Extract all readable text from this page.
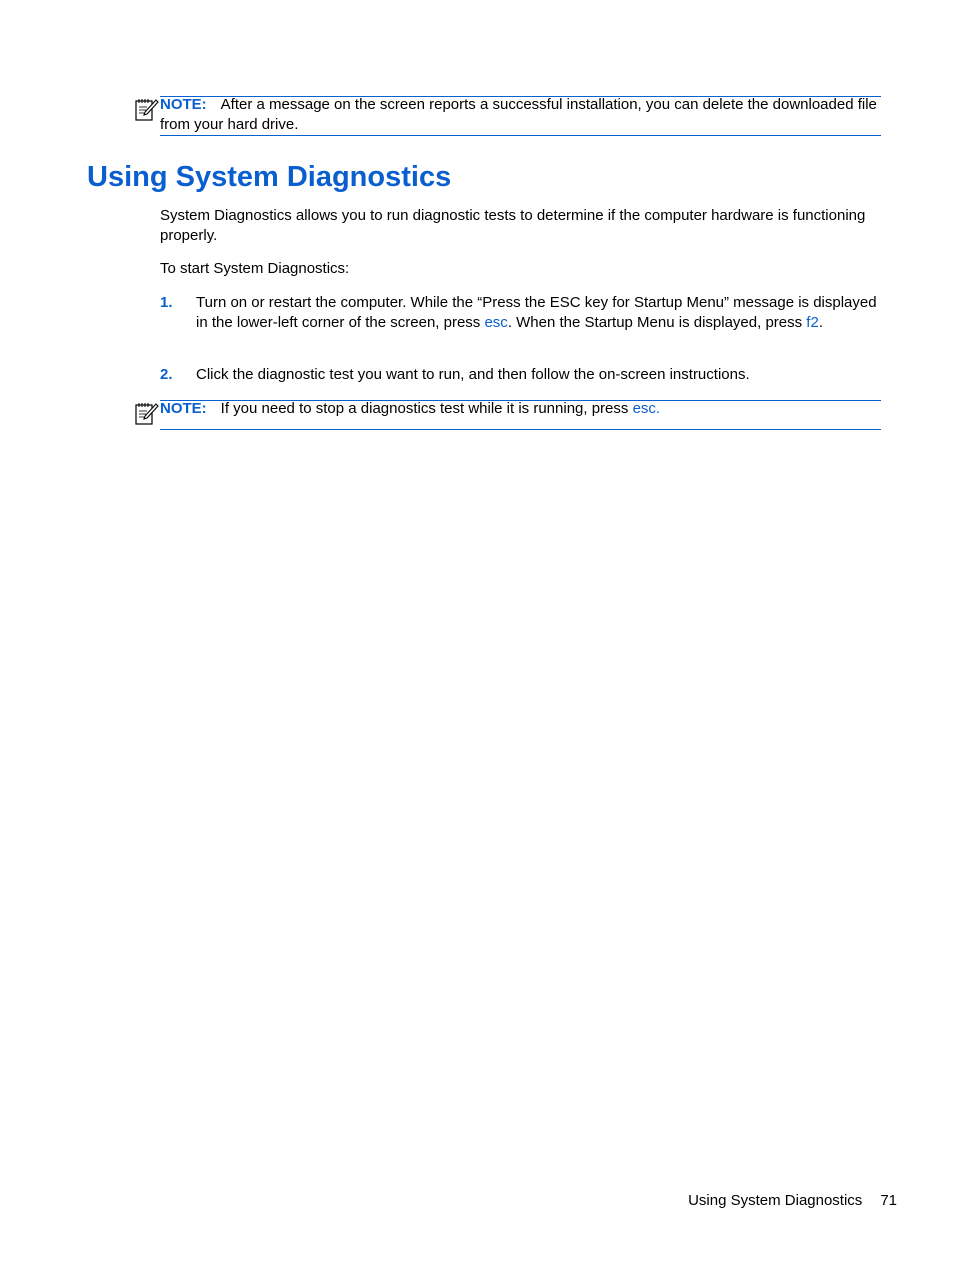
NOTE: After a message on the screen reports a successful installation, you can delete the downloaded file from your hard drive.
Using System Diagnostics

System Diagnostics allows you to run diagnostic tests to determine if the computer hardware is functioning properly.

To start System Diagnostics:

1. Turn on or restart the computer. While the “Press the ESC key for Startup Menu” message is displayed in the lower-left corner of the screen, press esc. When the Startup Menu is displayed, press f2.
2. Click the diagnostic test you want to run, and then follow the on-screen instructions.
NOTE: If you need to stop a diagnostics test while it is running, press esc.
Using System Diagnostics 71
